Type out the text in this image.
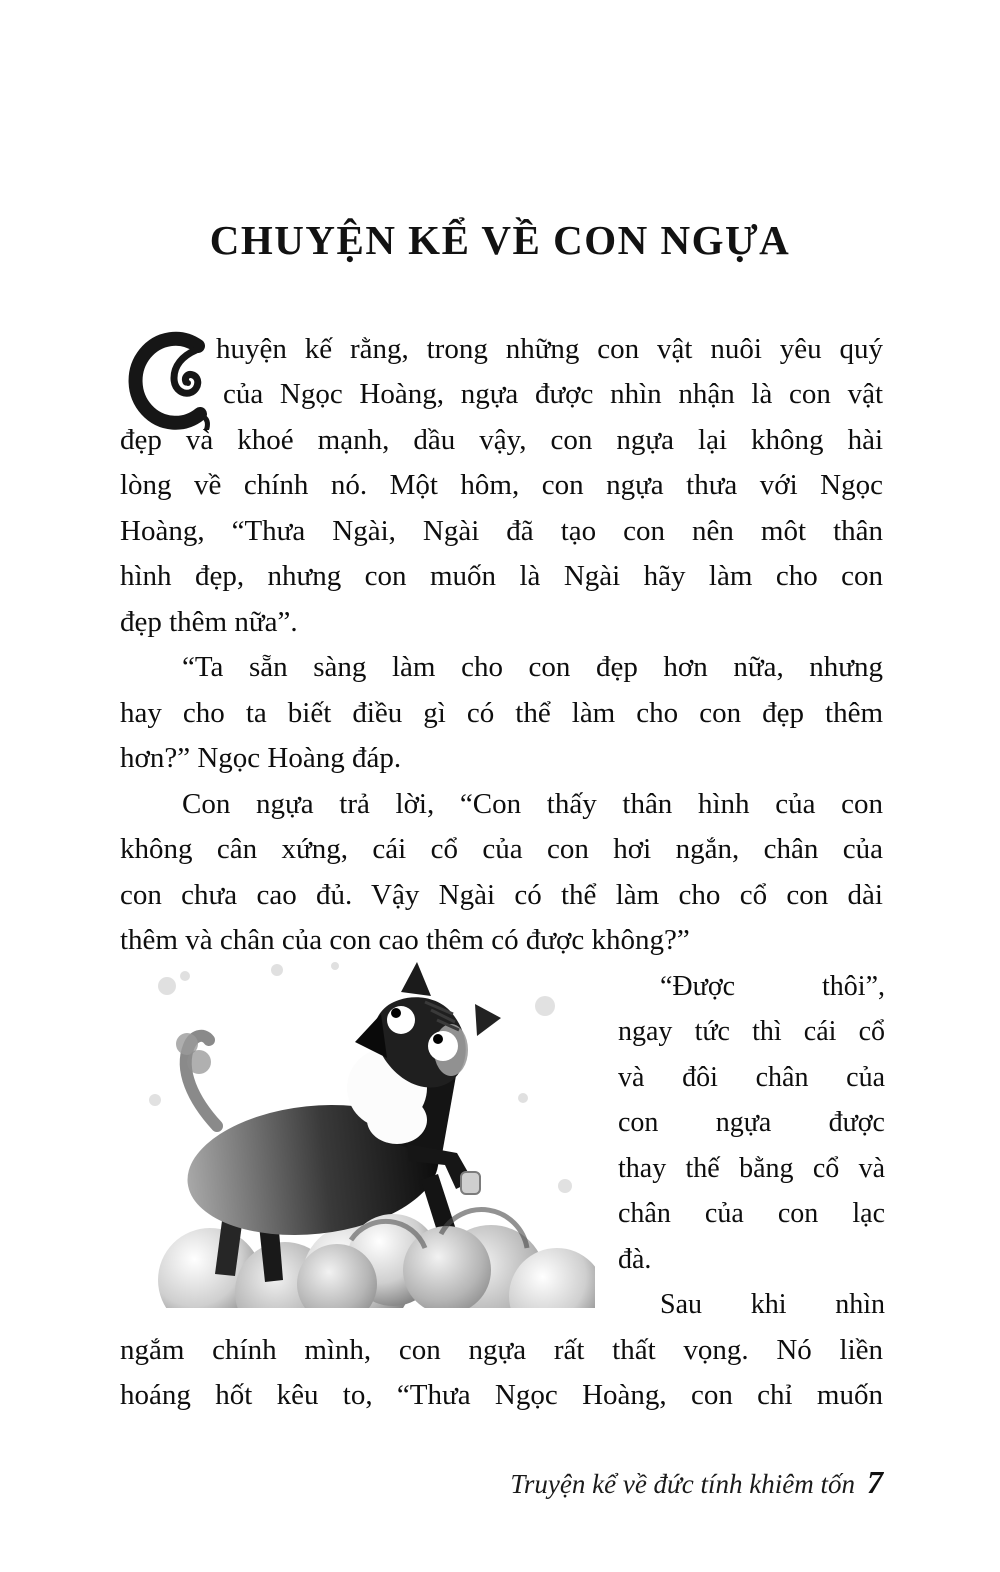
CHUYỆN KỂ VỀ CON NGỰA
huyện kế rằng, trong những con vật nuôi yêu quý
của Ngọc Hoàng, ngựa được nhìn nhận là con vật
đẹp và khoé mạnh, dầu vậy, con ngựa lại không hài
lòng về chính nó. Một hôm, con ngựa thưa với Ngọc
Hoàng, “Thưa Ngài, Ngài đã tạo con nên môt thân
hình đẹp, nhưng con muốn là Ngài hãy làm cho con
đẹp thêm nữa”.
“Ta sẵn sàng làm cho con đẹp hơn nữa, nhưng
hay cho ta biết điều gì có thể làm cho con đẹp thêm
hơn?” Ngọc Hoàng đáp.
Con ngựa trả lời, “Con thấy thân hình của con
không cân xứng, cái cổ của con hơi ngắn, chân của
con chưa cao đủ. Vậy Ngài có thể làm cho cổ con dài
thêm và chân của con cao thêm có được không?”
“Được thôi”,
ngay tức thì cái cổ
và đôi chân của
con ngựa được
thay thế bằng cổ và
chân của con lạc
đà.
Sau khi nhìn
ngắm chính mình, con ngựa rất thất vọng. Nó liền
hoáng hốt kêu to, “Thưa Ngọc Hoàng, con chỉ muốn
Truyện kể về đức tính khiêm tốn 7
